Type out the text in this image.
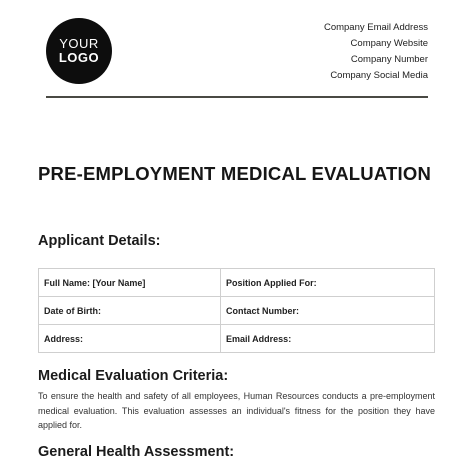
YOUR
LOGO
Company Email Address
Company Website
Company Number
Company Social Media
PRE-EMPLOYMENT MEDICAL EVALUATION
Applicant Details:
Full Name: [Your Name]	Position Applied For:
Date of Birth:	Contact Number:
Address:	Email Address:
Medical Evaluation Criteria:
To ensure the health and safety of all employees, Human Resources conducts a pre-employment medical evaluation. This evaluation assesses an individual's fitness for the position they have applied for.
General Health Assessment:
